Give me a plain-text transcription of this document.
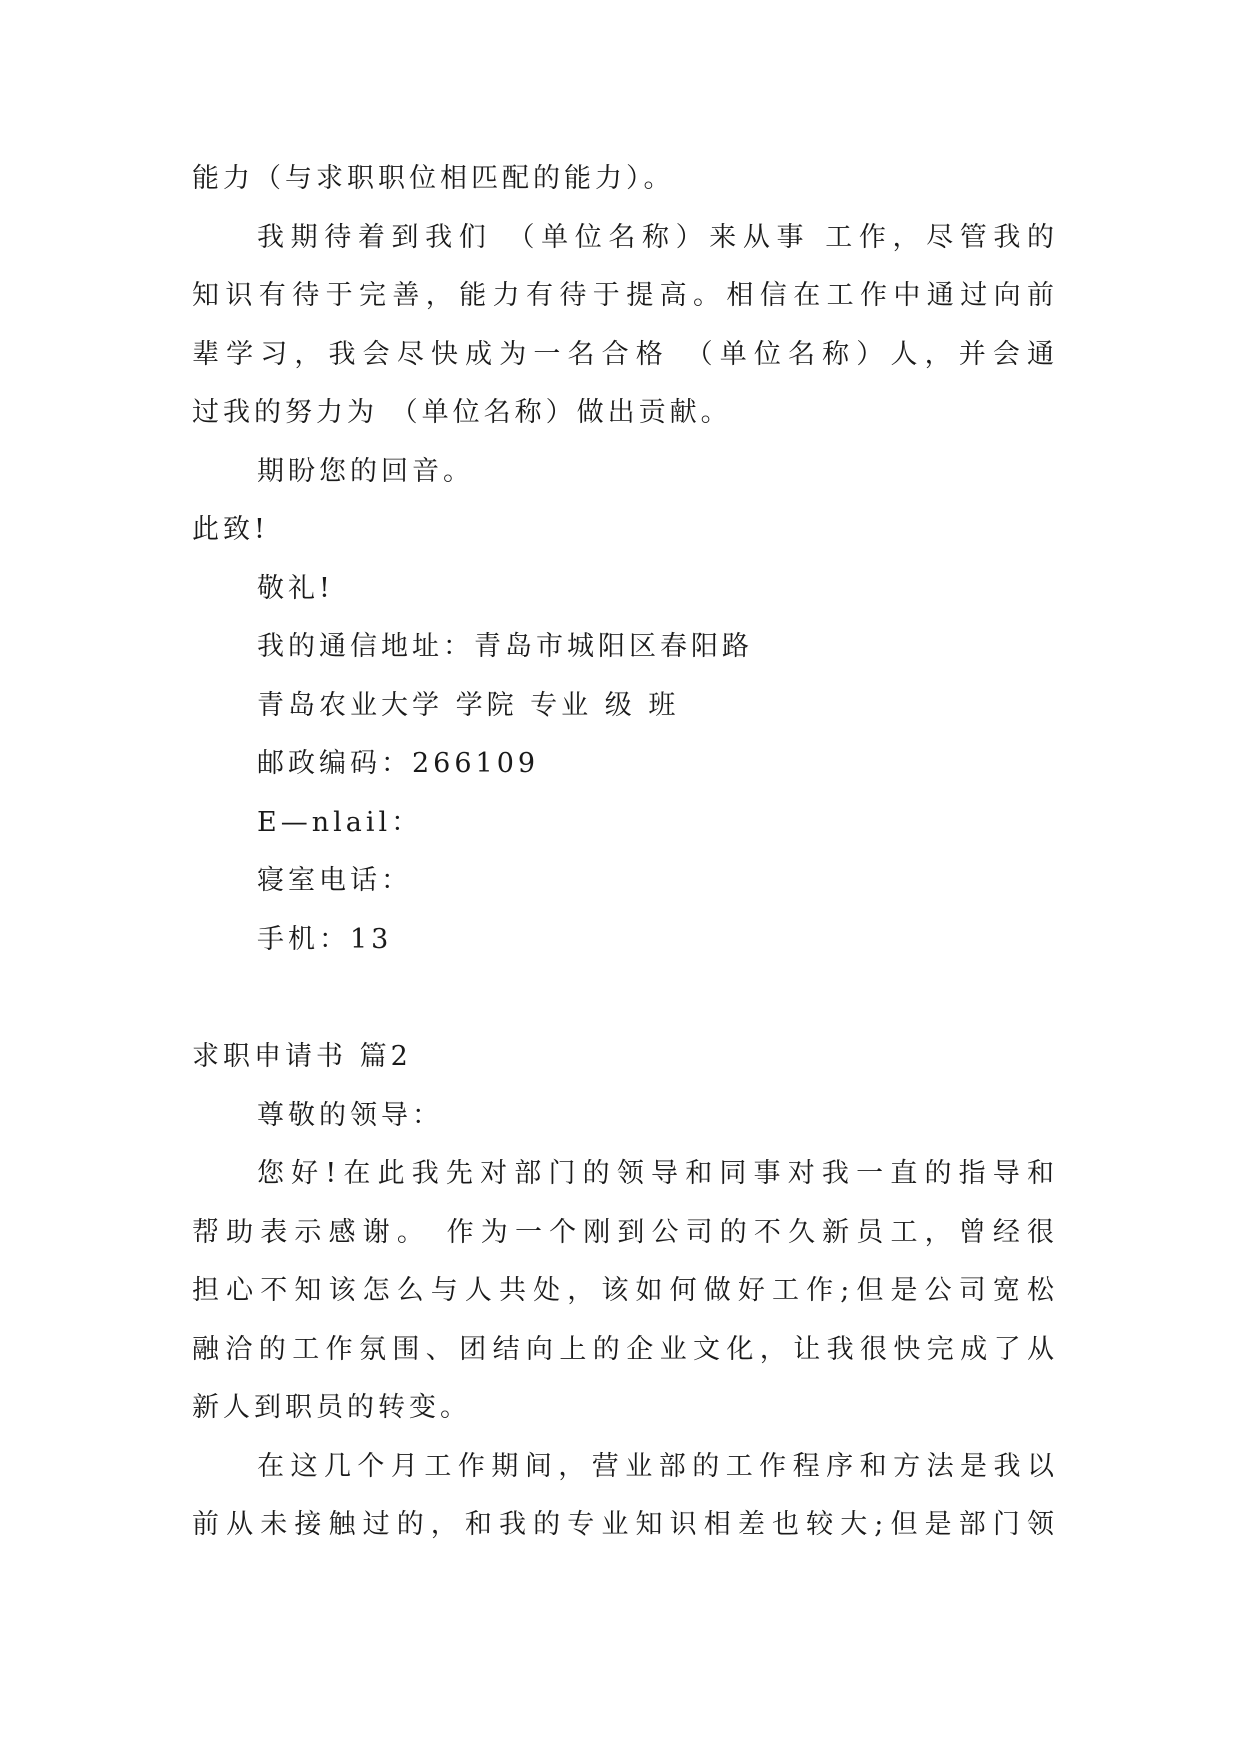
能力（与求职职位相匹配的能力）。
我期待着到我们 （单位名称）来从事 工作，尽管我的
知识有待于完善，能力有待于提高。相信在工作中通过向前
辈学习，我会尽快成为一名合格 （单位名称）人，并会通
过我的努力为 （单位名称）做出贡献。
期盼您的回音。
此致!
敬礼!
我的通信地址：青岛市城阳区春阳路
青岛农业大学 学院 专业 级 班
邮政编码：266109
E—nlail：
寝室电话：
手机：13
求职申请书 篇2
尊敬的领导：
您好!在此我先对部门的领导和同事对我一直的指导和
帮助表示感谢。 作为一个刚到公司的不久新员工，曾经很
担心不知该怎么与人共处，该如何做好工作;但是公司宽松
融洽的工作氛围、团结向上的企业文化，让我很快完成了从
新人到职员的转变。
在这几个月工作期间，营业部的工作程序和方法是我以
前从未接触过的，和我的专业知识相差也较大;但是部门领
